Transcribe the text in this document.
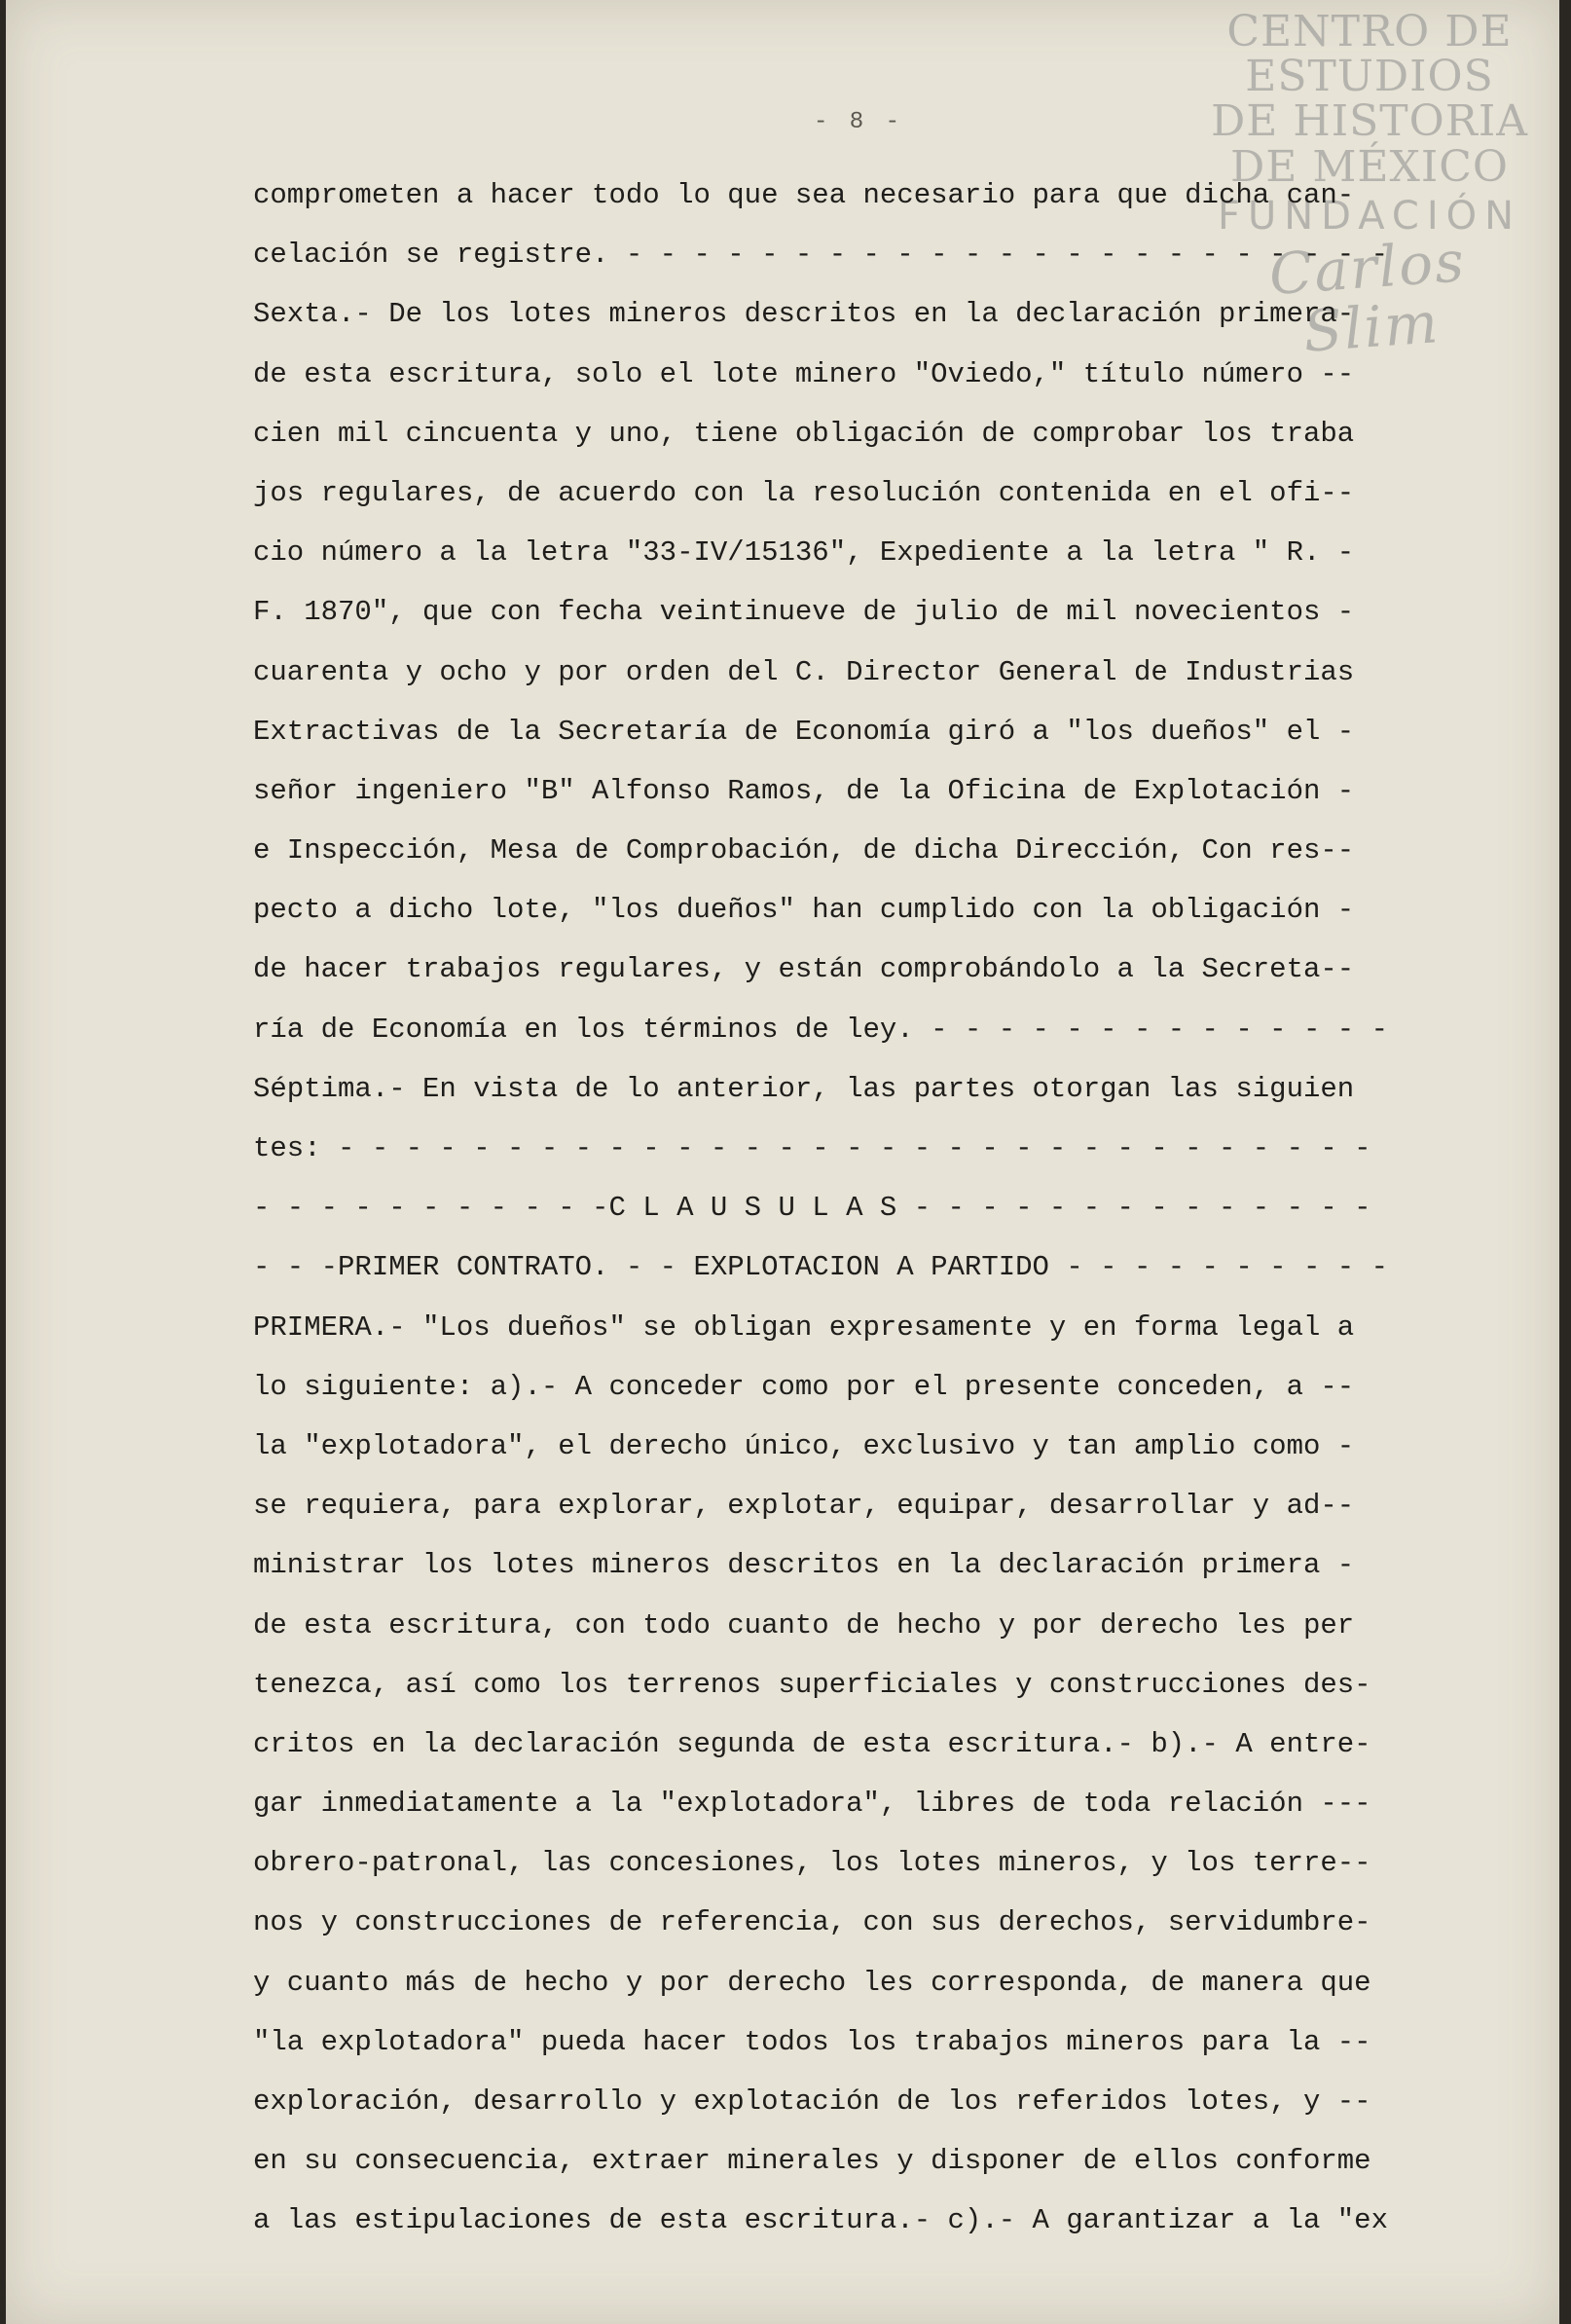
CENTRO DE
ESTUDIOS
DE HISTORIA
DE MÉXICO
FUNDACIÓN
Carlos Slim
- 8 -
comprometen a hacer todo lo que sea necesario para que dicha can-
celación se registre. - - - - - - - - - - - - - - - - - - - - - - -
Sexta.- De los lotes mineros descritos en la declaración primera-
de esta escritura, solo el lote minero "Oviedo," título número --
cien mil cincuenta y uno, tiene obligación de comprobar los traba
jos regulares, de acuerdo con la resolución contenida en el ofi--
cio número a la letra "33-IV/15136", Expediente a la letra " R. -
F. 1870", que con fecha veintinueve de julio de mil novecientos -
cuarenta y ocho y por orden del C. Director General de Industrias
Extractivas de la Secretaría de Economía giró a "los dueños" el -
señor ingeniero "B" Alfonso Ramos, de la Oficina de Explotación -
e Inspección, Mesa de Comprobación, de dicha Dirección, Con res--
pecto a dicho lote, "los dueños" han cumplido con la obligación -
de hacer trabajos regulares, y están comprobándolo a la Secreta--
ría de Economía en los términos de ley. - - - - - - - - - - - - - -
Séptima.- En vista de lo anterior, las partes otorgan las siguien
tes: - - - - - - - - - - - - - - - - - - - - - - - - - - - - - - -
- - - - - - - - - - -C L A U S U L A S - - - - - - - - - - - - - -
- - -PRIMER CONTRATO. - - EXPLOTACION A PARTIDO - - - - - - - - - -
PRIMERA.- "Los dueños" se obligan expresamente y en forma legal a
lo siguiente: a).- A conceder como por el presente conceden, a --
la "explotadora", el derecho único, exclusivo y tan amplio como -
se requiera, para explorar, explotar, equipar, desarrollar y ad--
ministrar los lotes mineros descritos en la declaración primera -
de esta escritura, con todo cuanto de hecho y por derecho les per
tenezca, así como los terrenos superficiales y construcciones des-
critos en la declaración segunda de esta escritura.- b).- A entre-
gar inmediatamente a la "explotadora", libres de toda relación ---
obrero-patronal, las concesiones, los lotes mineros, y los terre--
nos y construcciones de referencia, con sus derechos, servidumbre-
y cuanto más de hecho y por derecho les corresponda, de manera que
"la explotadora" pueda hacer todos los trabajos mineros para la --
exploración, desarrollo y explotación de los referidos lotes, y --
en su consecuencia, extraer minerales y disponer de ellos conforme
a las estipulaciones de esta escritura.- c).- A garantizar a la "ex
